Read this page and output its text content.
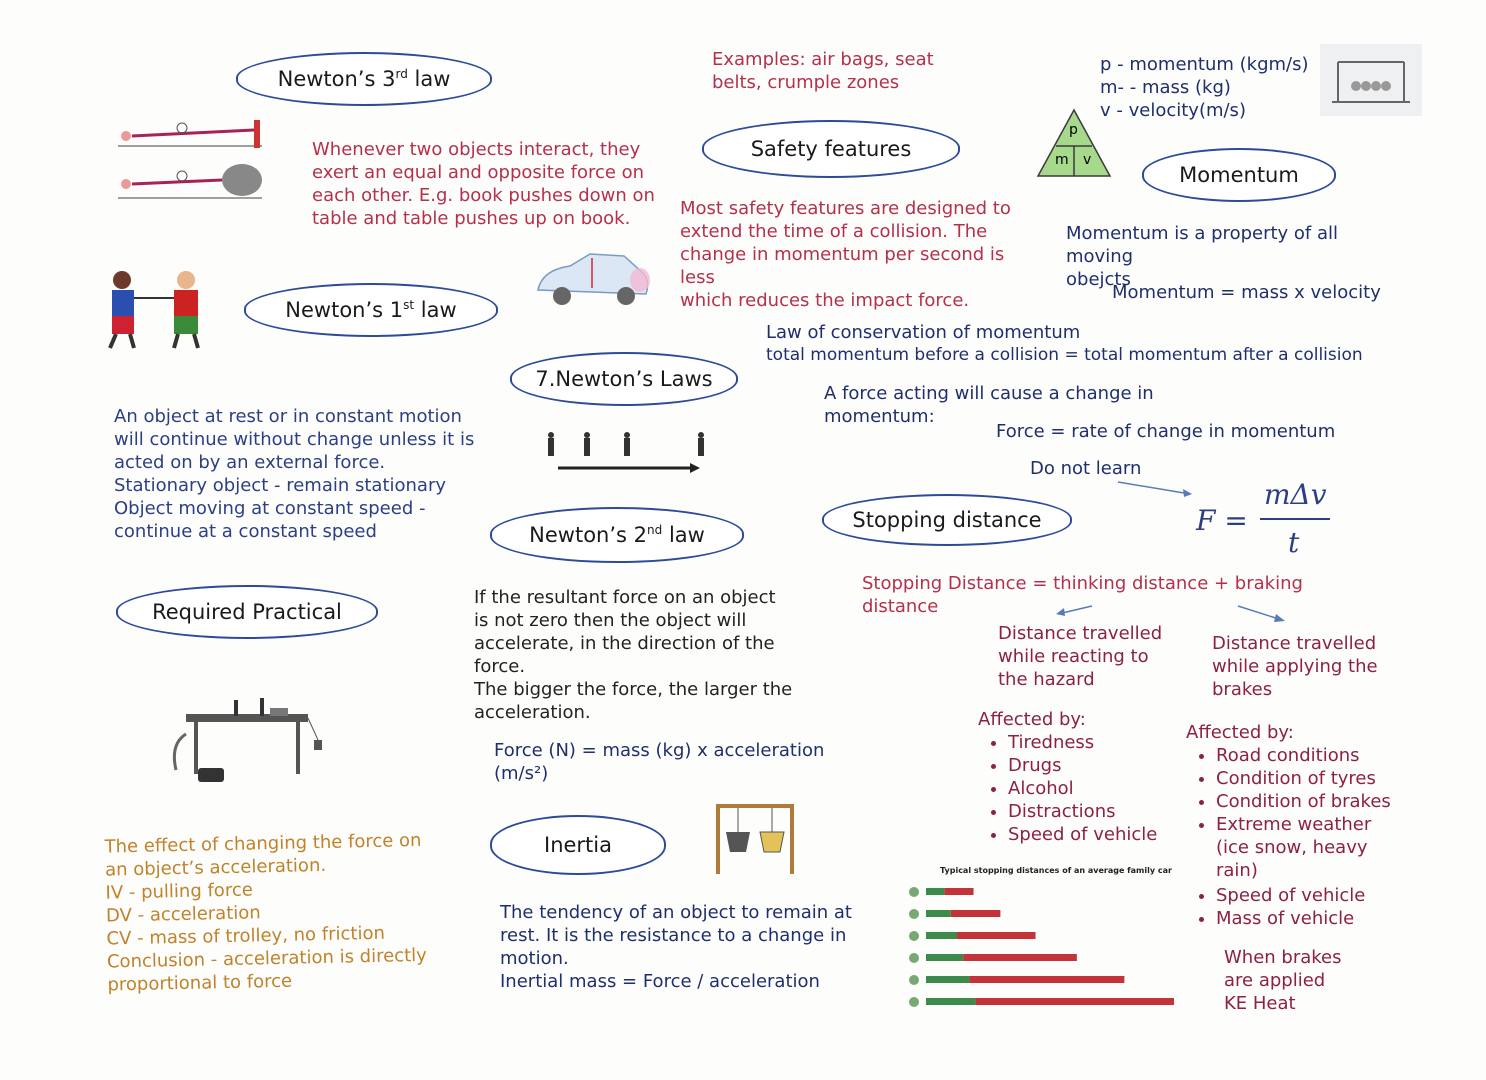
Newton’s 3rd law
Newton’s 1st law
7.Newton’s Laws
Newton’s 2nd law
Safety features
Momentum
Stopping distance
Required Practical
Inertia
Whenever two objects interact, they
exert an equal and opposite force on
each other. E.g. book pushes down on
table and table pushes up on book.
An object at rest or in constant motion
will continue without change unless it is
acted on by an external force.
Stationary object - remain stationary
Object moving at constant speed -
continue at a constant speed
If the resultant force on an object
is not zero then the object will
accelerate, in the direction of the
force.
The bigger the force, the larger the
acceleration.
Force (N) = mass (kg) x acceleration (m/s²)
The effect of changing the force on
an object’s acceleration.
IV - pulling force
DV - acceleration
CV - mass of trolley, no friction
Conclusion - acceleration is directly
proportional to force
The tendency of an object to remain at
rest. It is the resistance to a change in
motion.
Inertial mass = Force / acceleration
Examples: air bags, seat
belts, crumple zones
Most safety features are designed to
extend the time of a collision. The
change in momentum per second is less
which reduces the impact force.
p - momentum (kgm/s)
m- - mass (kg)
v - velocity(m/s)
Momentum is a property of all moving
obejcts
Momentum = mass x velocity
Law of conservation of momentum
total momentum before a collision = total momentum after a collision
A force acting will cause a change in
momentum:
Force = rate of change in momentum
Do not learn
Stopping Distance = thinking distance + braking distance
Distance travelled
while reacting to
the hazard
Distance travelled
while applying the
brakes
Affected by:
• Tiredness
• Drugs
• Alcohol
• Distractions
• Speed of vehicle
Affected by:
• Road conditions
• Condition of tyres
• Condition of brakes
• Extreme weather
(ice snow, heavy
rain)
• Speed of vehicle
• Mass of vehicle
When brakes
are applied
KE Heat
F =
mΔv
t
p
m v
Typical stopping distances of an average family car
